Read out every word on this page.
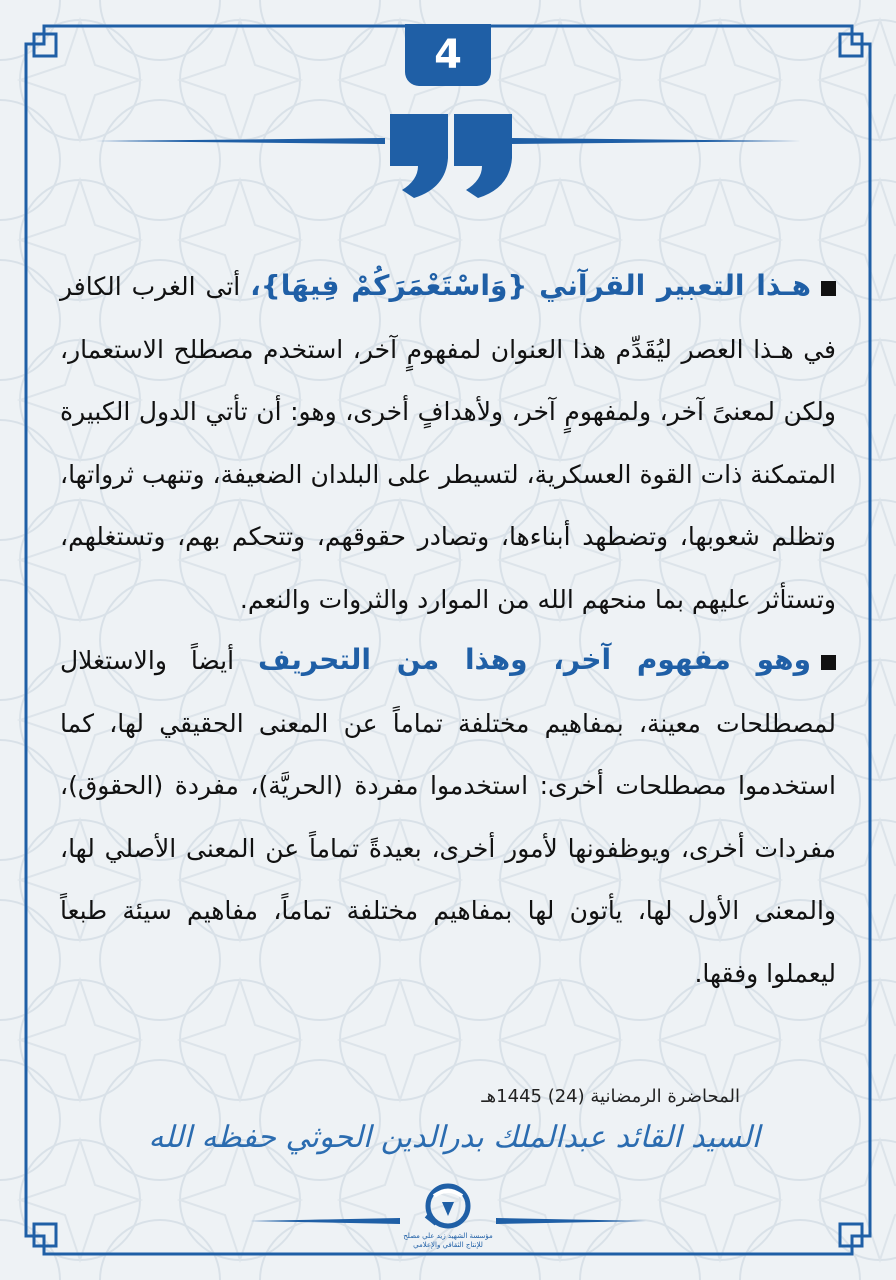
4

هـذا التعبير القرآني {وَاسْتَعْمَرَكُمْ فِيهَا}، أتى الغرب الكافر في هـذا العصر ليُقَدِّم هذا العنوان لمفهومٍ آخر، استخدم مصطلح الاستعمار، ولكن لمعنىً آخر، ولمفهومٍ آخر، ولأهدافٍ أخرى، وهو: أن تأتي الدول الكبيرة المتمكنة ذات القوة العسكرية، لتسيطر على البلدان الضعيفة، وتنهب ثرواتها، وتظلم شعوبها، وتضطهد أبناءها، وتصادر حقوقهم، وتتحكم بهم، وتستغلهم، وتستأثر عليهم بما منحهم الله من الموارد والثروات والنعم.

وهو مفهوم آخر، وهذا من التحريف أيضاً والاستغلال لمصطلحات معينة، بمفاهيم مختلفة تماماً عن المعنى الحقيقي لها، كما استخدموا مصطلحات أخرى: استخدموا مفردة (الحريَّة)، مفردة (الحقوق)، مفردات أخرى، ويوظفونها لأمور أخرى، بعيدةً تماماً عن المعنى الأصلي لها، والمعنى الأول لها، يأتون لها بمفاهيم مختلفة تماماً، مفاهيم سيئة طبعاً ليعملوا وفقها.

المحاضرة الرمضانية (24) 1445هـ
السيد القائد عبدالملك بدرالدين الحوثي حفظه الله
مؤسسة الشهيد زيد علي مصلح
للإنتاج الثقافي والإعلامي
